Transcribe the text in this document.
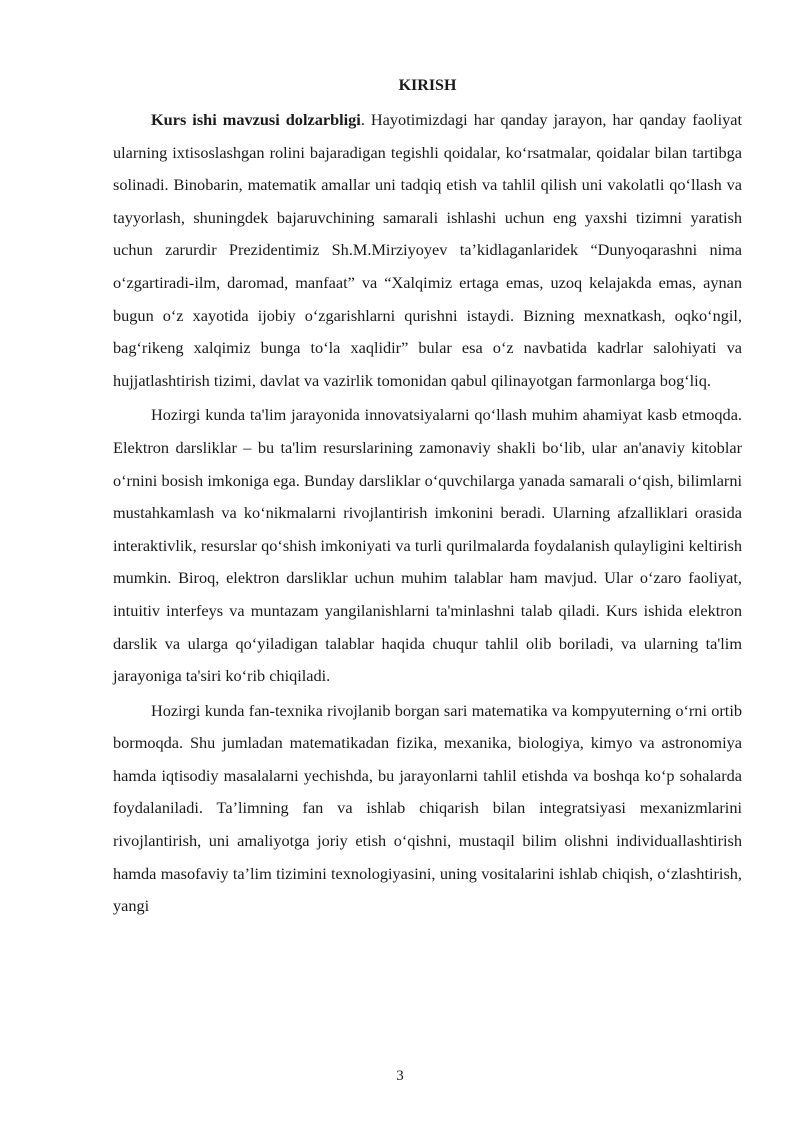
KIRISH

Kurs ishi mavzusi dolzarbligi. Hayotimizdagi har qanday jarayon, har qanday faoliyat ularning ixtisoslashgan rolini bajaradigan tegishli qoidalar, koʻrsatmalar, qoidalar bilan tartibga solinadi. Binobarin, matematik amallar uni tadqiq etish va tahlil qilish uni vakolatli qoʻllash va tayyorlash, shuningdek bajaruvchining samarali ishlashi uchun eng yaxshi tizimni yaratish uchun zarurdir Prezidentimiz Sh.M.Mirziyoyev taʼkidlaganlaridek “Dunyoqarashni nima oʻzgartiradi-ilm, daromad, manfaat” va “Xalqimiz ertaga emas, uzoq kelajakda emas, aynan bugun oʻz xayotida ijobiy oʻzgarishlarni qurishni istaydi. Bizning mexnatkash, oqkoʻngil, bagʻrikeng xalqimiz bunga toʻla xaqlidir” bular esa oʻz navbatida kadrlar salohiyati va hujjatlashtirish tizimi, davlat va vazirlik tomonidan qabul qilinayotgan farmonlarga bogʻliq.

Hozirgi kunda ta'lim jarayonida innovatsiyalarni qoʻllash muhim ahamiyat kasb etmoqda. Elektron darsliklar – bu ta'lim resurslarining zamonaviy shakli boʻlib, ular an'anaviy kitoblar oʻrnini bosish imkoniga ega. Bunday darsliklar oʻquvchilarga yanada samarali oʻqish, bilimlarni mustahkamlash va koʻnikmalarni rivojlantirish imkonini beradi. Ularning afzalliklari orasida interaktivlik, resurslar qoʻshish imkoniyati va turli qurilmalarda foydalanish qulayligini keltirish mumkin. Biroq, elektron darsliklar uchun muhim talablar ham mavjud. Ular oʻzaro faoliyat, intuitiv interfeys va muntazam yangilanishlarni ta'minlashni talab qiladi. Kurs ishida elektron darslik va ularga qoʻyiladigan talablar haqida chuqur tahlil olib boriladi, va ularning ta'lim jarayoniga ta'siri koʻrib chiqiladi.

Hozirgi kunda fan-texnika rivojlanib borgan sari matematika va kompyuterning oʻrni ortib bormoqda. Shu jumladan matematikadan fizika, mexanika, biologiya, kimyo va astronomiya hamda iqtisodiy masalalarni yechishda, bu jarayonlarni tahlil etishda va boshqa koʻp sohalarda foydalaniladi. Taʼlimning fan va ishlab chiqarish bilan integratsiyasi mexanizmlarini rivojlantirish, uni amaliyotga joriy etish oʻqishni, mustaqil bilim olishni individuallashtirish hamda masofaviy taʼlim tizimini texnologiyasini, uning vositalarini ishlab chiqish, oʻzlashtirish, yangi

3
